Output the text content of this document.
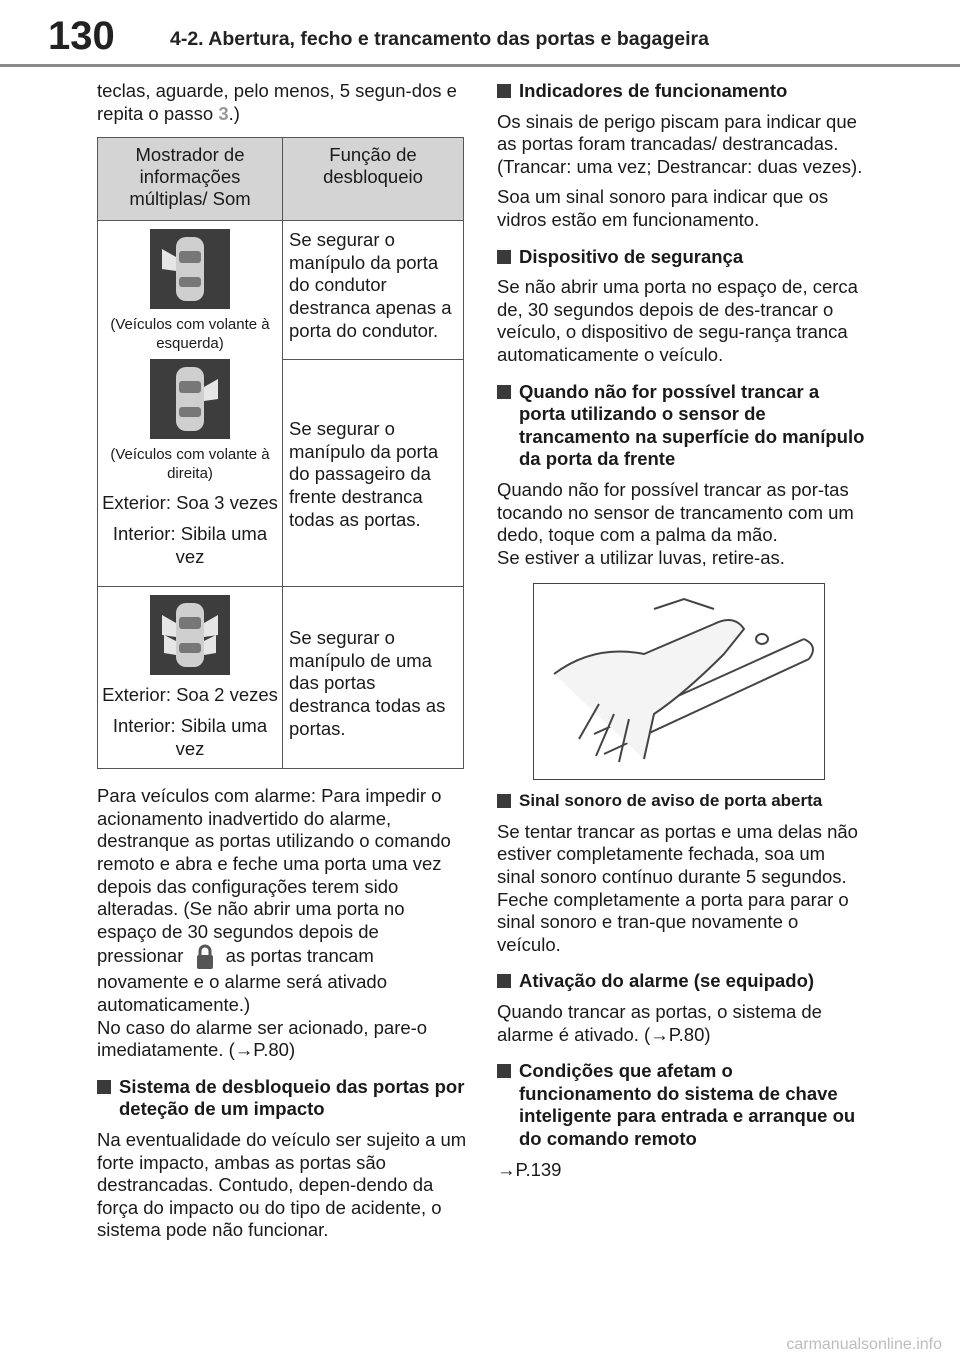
130	4-2. Abertura, fecho e trancamento das portas e bagageira

teclas, aguarde, pelo menos, 5 segun-dos e repita o passo 3.)

Mostrador de informações múltiplas/ Som	Função de desbloqueio

(Veículos com volante à esquerda)
(Veículos com volante à direita)
Exterior: Soa 3 vezes
Interior: Sibila uma vez	Se segurar o manípulo da porta do condutor destranca apenas a porta do condutor.
	Se segurar o manípulo da porta do passageiro da frente destranca todas as portas.

Exterior: Soa 2 vezes
Interior: Sibila uma vez	Se segurar o manípulo de uma das portas destranca todas as portas.

Para veículos com alarme: Para impedir o acionamento inadvertido do alarme, destranque as portas utilizando o comando remoto e abra e feche uma porta uma vez depois das configurações terem sido alteradas. (Se não abrir uma porta no espaço de 30 segundos depois de pressionar as portas trancam novamente e o alarme será ativado automaticamente.)

No caso do alarme ser acionado, pare-o imediatamente. (→P.80)

Sistema de desbloqueio das portas por deteção de um impacto

Na eventualidade do veículo ser sujeito a um forte impacto, ambas as portas são destrancadas. Contudo, depen-dendo da força do impacto ou do tipo de acidente, o sistema pode não funcionar.

Indicadores de funcionamento

Os sinais de perigo piscam para indicar que as portas foram trancadas/ destrancadas. (Trancar: uma vez; Destrancar: duas vezes).

Soa um sinal sonoro para indicar que os vidros estão em funcionamento.

Dispositivo de segurança

Se não abrir uma porta no espaço de, cerca de, 30 segundos depois de des-trancar o veículo, o dispositivo de segu-rança tranca automaticamente o veículo.

Quando não for possível trancar a porta utilizando o sensor de trancamento na superfície do manípulo da porta da frente

Quando não for possível trancar as por-tas tocando no sensor de trancamento com um dedo, toque com a palma da mão.

Se estiver a utilizar luvas, retire-as.

Sinal sonoro de aviso de porta aberta

Se tentar trancar as portas e uma delas não estiver completamente fechada, soa um sinal sonoro contínuo durante 5 segundos. Feche completamente a porta para parar o sinal sonoro e tran-que novamente o veículo.

Ativação do alarme (se equipado)

Quando trancar as portas, o sistema de alarme é ativado. (→P.80)

Condições que afetam o funcionamento do sistema de chave inteligente para entrada e arranque ou do comando remoto

→P.139

carmanualsonline.info
